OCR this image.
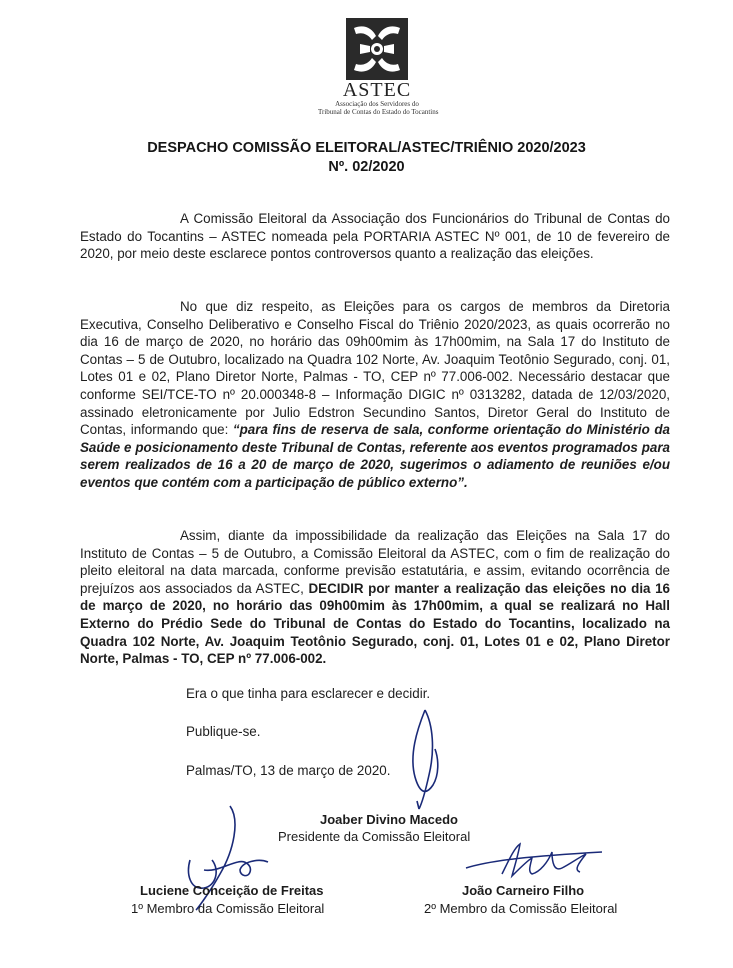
ASTEC
Associação dos Servidores do
Tribunal de Contas do Estado do Tocantins
DESPACHO COMISSÃO ELEITORAL/ASTEC/TRIÊNIO 2020/2023
Nº. 02/2020
A Comissão Eleitoral da Associação dos Funcionários do Tribunal de Contas do Estado do Tocantins – ASTEC nomeada pela PORTARIA ASTEC Nº 001, de 10 de fevereiro de 2020, por meio deste esclarece pontos controversos quanto a realização das eleições.
No que diz respeito, as Eleições para os cargos de membros da Diretoria Executiva, Conselho Deliberativo e Conselho Fiscal do Triênio 2020/2023, as quais ocorrerão no dia 16 de março de 2020, no horário das 09h00mim às 17h00mim, na Sala 17 do Instituto de Contas – 5 de Outubro, localizado na Quadra 102 Norte, Av. Joaquim Teotônio Segurado, conj. 01, Lotes 01 e 02, Plano Diretor Norte, Palmas - TO, CEP nº 77.006-002. Necessário destacar que conforme SEI/TCE-TO nº 20.000348-8 – Informação DIGIC nº 0313282, datada de 12/03/2020, assinado eletronicamente por Julio Edstron Secundino Santos, Diretor Geral do Instituto de Contas, informando que: “para fins de reserva de sala, conforme orientação do Ministério da Saúde e posicionamento deste Tribunal de Contas, referente aos eventos programados para serem realizados de 16 a 20 de março de 2020, sugerimos o adiamento de reuniões e/ou eventos que contém com a participação de público externo”.
Assim, diante da impossibilidade da realização das Eleições na Sala 17 do Instituto de Contas – 5 de Outubro, a Comissão Eleitoral da ASTEC, com o fim de realização do pleito eleitoral na data marcada, conforme previsão estatutária, e assim, evitando ocorrência de prejuízos aos associados da ASTEC, DECIDIR por manter a realização das eleições no dia 16 de março de 2020, no horário das 09h00mim às 17h00mim, a qual se realizará no Hall Externo do Prédio Sede do Tribunal de Contas do Estado do Tocantins, localizado na Quadra 102 Norte, Av. Joaquim Teotônio Segurado, conj. 01, Lotes 01 e 02, Plano Diretor Norte, Palmas - TO, CEP nº 77.006-002.
Era o que tinha para esclarecer e decidir.
Publique-se.
Palmas/TO, 13 de março de 2020.
Joaber Divino Macedo
Presidente da Comissão Eleitoral
Luciene Conceição de Freitas
1º Membro da Comissão Eleitoral
João Carneiro Filho
2º Membro da Comissão Eleitoral
